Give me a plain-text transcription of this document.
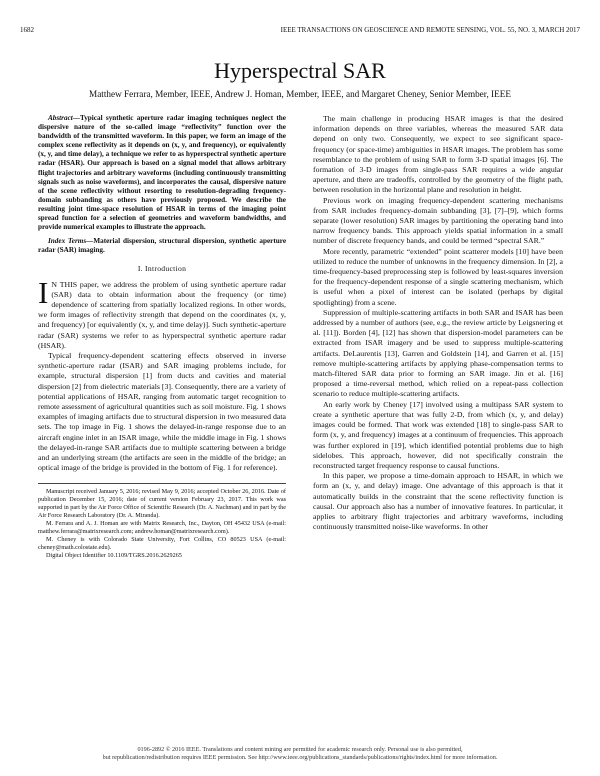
1682	IEEE TRANSACTIONS ON GEOSCIENCE AND REMOTE SENSING, VOL. 55, NO. 3, MARCH 2017
Hyperspectral SAR
Matthew Ferrara, Member, IEEE, Andrew J. Homan, Member, IEEE, and Margaret Cheney, Senior Member, IEEE

Abstract—Typical synthetic aperture radar imaging techniques neglect the dispersive nature of the so-called image “reflectivity” function over the bandwidth of the transmitted waveform. In this paper, we form an image of the complex scene reflectivity as it depends on (x, y, and frequency), or equivalently (x, y, and time delay), a technique we refer to as hyperspectral synthetic aperture radar (HSAR). Our approach is based on a signal model that allows arbitrary flight trajectories and arbitrary waveforms (including continuously transmitting signals such as noise waveforms), and incorporates the causal, dispersive nature of the scene reflectivity without resorting to resolution-degrading frequency-domain subbanding as others have previously proposed. We describe the resulting joint time-space resolution of HSAR in terms of the imaging point spread function for a selection of geometries and waveform bandwidths, and provide numerical examples to illustrate the approach.

Index Terms—Material dispersion, structural dispersion, synthetic aperture radar (SAR) imaging.

I. Introduction

I N THIS paper, we address the problem of using synthetic aperture radar (SAR) data to obtain information about the frequency (or time) dependence of scattering from spatially localized regions. In other words, we form images of reflectivity strength that depend on the coordinates (x, y, and frequency) [or equivalently (x, y, and time delay)]. Such synthetic-aperture radar (SAR) systems we refer to as hyperspectral synthetic aperture radar (HSAR).

Typical frequency-dependent scattering effects observed in inverse synthetic-aperture radar (ISAR) and SAR imaging problems include, for example, structural dispersion [1] from ducts and cavities and material dispersion [2] from dielectric materials [3]. Consequently, there are a variety of potential applications of HSAR, ranging from automatic target recognition to remote assessment of agricultural quantities such as soil moisture. Fig. 1 shows examples of imaging artifacts due to structural dispersion in two measured data sets. The top image in Fig. 1 shows the delayed-in-range response due to an aircraft engine inlet in an ISAR image, while the middle image in Fig. 1 shows the delayed-in-range SAR artifacts due to multiple scattering between a bridge and an underlying stream (the artifacts are seen in the middle of the bridge; an optical image of the bridge is provided in the bottom of Fig. 1 for reference).

Manuscript received January 5, 2016; revised May 9, 2016; accepted October 26, 2016. Date of publication December 15, 2016; date of current version February 23, 2017. This work was supported in part by the Air Force Office of Scientific Research (Dr. A. Nachman) and in part by the Air Force Research Laboratory (Dr. A. Miranda).

M. Ferrara and A. J. Homan are with Matrix Research, Inc., Dayton, OH 45432 USA (e-mail: matthew.ferrara@matrixresearch.com; andrew.homan@matrixresearch.com).

M. Cheney is with Colorado State University, Fort Collins, CO 80523 USA (e-mail: cheney@math.colostate.edu).

Digital Object Identifier 10.1109/TGRS.2016.2629265

The main challenge in producing HSAR images is that the desired information depends on three variables, whereas the measured SAR data depend on only two. Consequently, we expect to see significant space-frequency (or space-time) ambiguities in HSAR images. The problem has some resemblance to the problem of using SAR to form 3-D spatial images [6]. The formation of 3-D images from single-pass SAR requires a wide angular aperture, and there are tradeoffs, controlled by the geometry of the flight path, between resolution in the horizontal plane and resolution in height.

Previous work on imaging frequency-dependent scattering mechanisms from SAR includes frequency-domain subbanding [3], [7]–[9], which forms separate (lower resolution) SAR images by partitioning the operating band into narrow frequency bands. This approach yields spatial information in a small number of discrete frequency bands, and could be termed “spectral SAR.”

More recently, parametric “extended” point scatterer models [10] have been utilized to reduce the number of unknowns in the frequency dimension. In [2], a time-frequency-based preprocessing step is followed by least-squares inversion for the frequency-dependent response of a single scattering mechanism, which is useful when a pixel of interest can be isolated (perhaps by digital spotlighting) from a scene.

Suppression of multiple-scattering artifacts in both SAR and ISAR has been addressed by a number of authors (see, e.g., the review article by Leigsnering et al. [11]). Borden [4], [12] has shown that dispersion-model parameters can be extracted from ISAR imagery and be used to suppress multiple-scattering artifacts. DeLaurentis [13], Garren and Goldstein [14], and Garren et al. [15] remove multiple-scattering artifacts by applying phase-compensation terms to match-filtered SAR data prior to forming an SAR image. Jin et al. [16] proposed a time-reversal method, which relied on a repeat-pass collection scenario to reduce multiple-scattering artifacts.

An early work by Cheney [17] involved using a multipass SAR system to create a synthetic aperture that was fully 2-D, from which (x, y, and delay) images could be formed. That work was extended [18] to single-pass SAR to form (x, y, and frequency) images at a continuum of frequencies. This approach was further explored in [19], which identified potential problems due to high sidelobes. This approach, however, did not specifically constrain the reconstructed target frequency response to causal functions.

In this paper, we propose a time-domain approach to HSAR, in which we form an (x, y, and delay) image. One advantage of this approach is that it automatically builds in the constraint that the scene reflectivity function is causal. Our approach also has a number of innovative features. In particular, it applies to arbitrary flight trajectories and arbitrary waveforms, including continuously transmitted noise-like waveforms. In other

0196-2892 © 2016 IEEE. Translations and content mining are permitted for academic research only. Personal use is also permitted,
but republication/redistribution requires IEEE permission. See http://www.ieee.org/publications_standards/publications/rights/index.html for more information.
